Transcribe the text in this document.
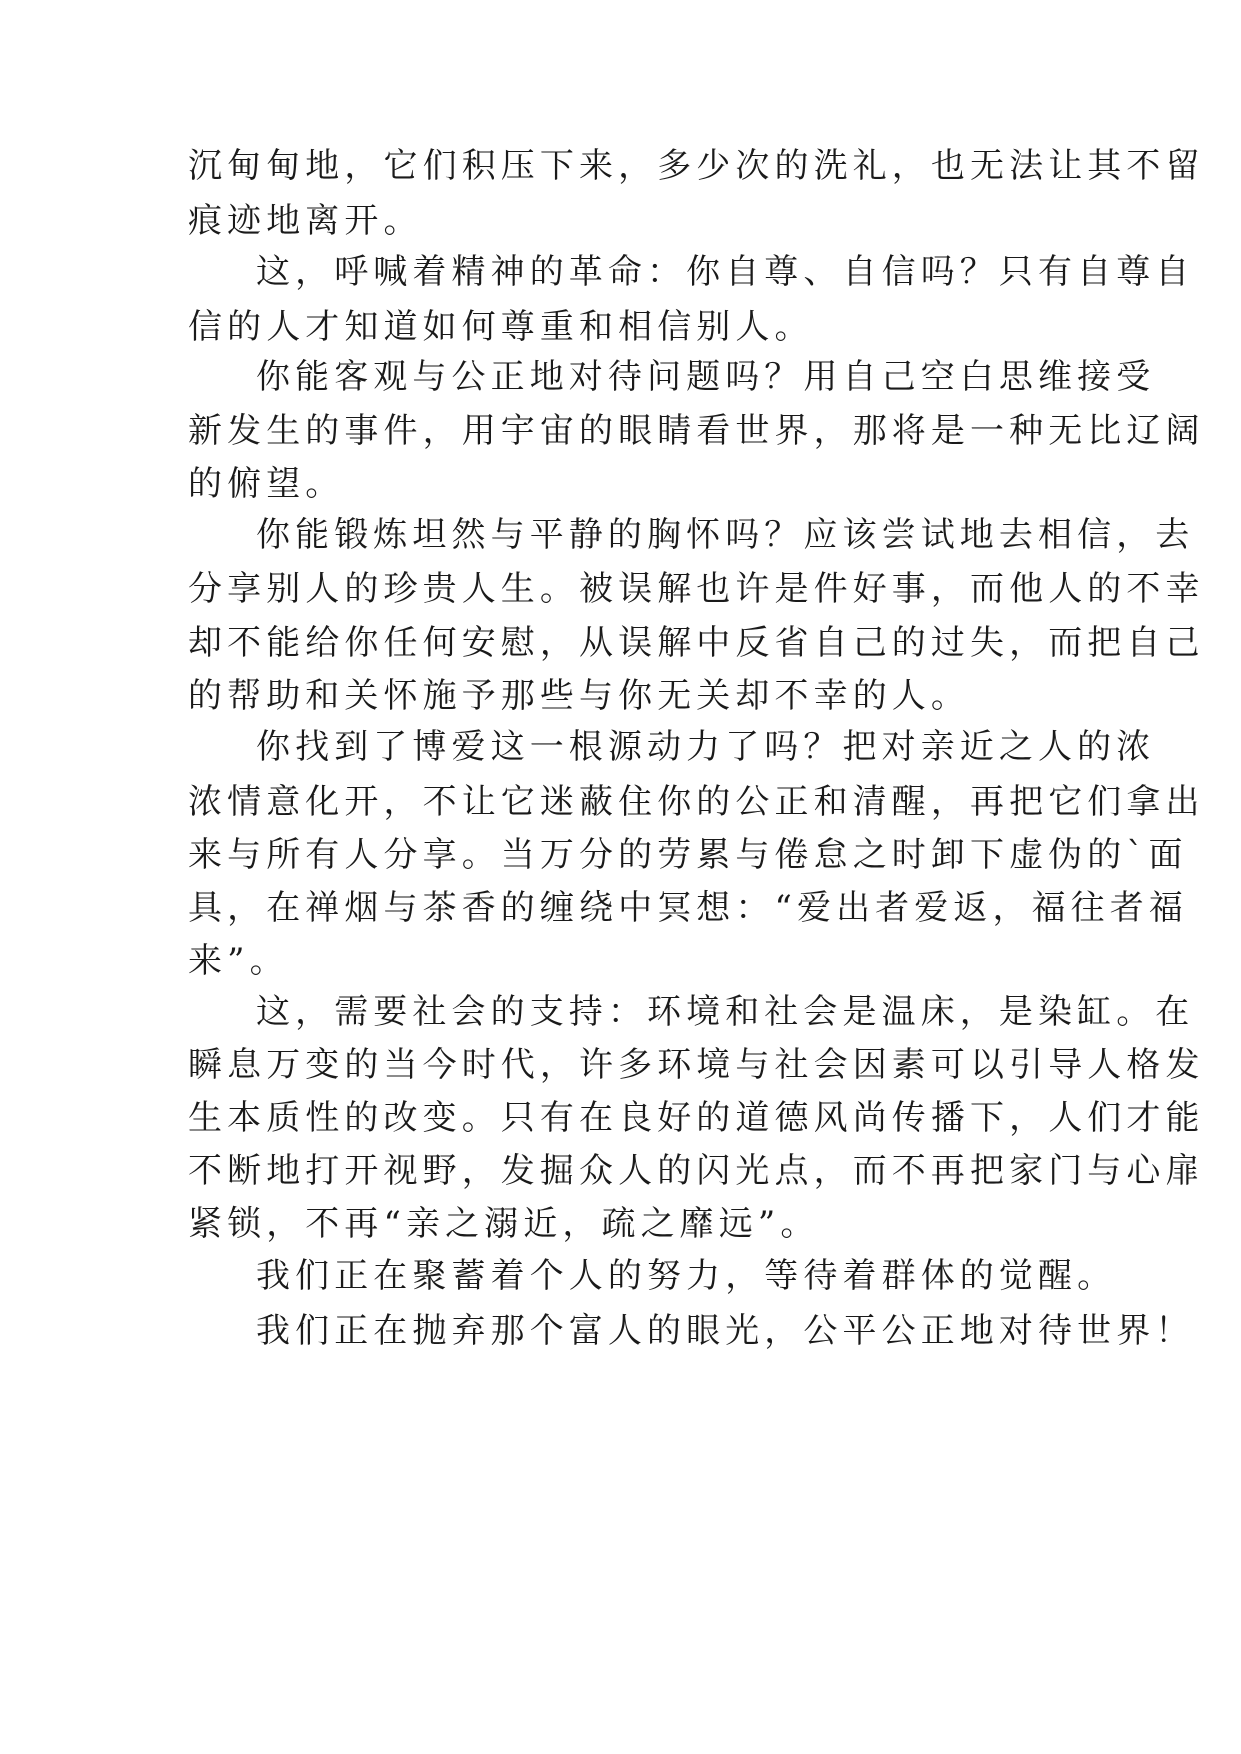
沉甸甸地，它们积压下来，多少次的洗礼，也无法让其不留

痕迹地离开。

这，呼喊着精神的革命：你自尊、自信吗？只有自尊自

信的人才知道如何尊重和相信别人。

你能客观与公正地对待问题吗？用自己空白思维接受

新发生的事件，用宇宙的眼睛看世界，那将是一种无比辽阔

的俯望。

你能锻炼坦然与平静的胸怀吗？应该尝试地去相信，去

分享别人的珍贵人生。被误解也许是件好事，而他人的不幸

却不能给你任何安慰，从误解中反省自己的过失，而把自己

的帮助和关怀施予那些与你无关却不幸的人。

你找到了博爱这一根源动力了吗？把对亲近之人的浓

浓情意化开，不让它迷蔽住你的公正和清醒，再把它们拿出

来与所有人分享。当万分的劳累与倦怠之时卸下虚伪的`面

具，在禅烟与茶香的缠绕中冥想：“爱出者爱返，福往者福

来”。

这，需要社会的支持：环境和社会是温床，是染缸。在

瞬息万变的当今时代，许多环境与社会因素可以引导人格发

生本质性的改变。只有在良好的道德风尚传播下，人们才能

不断地打开视野，发掘众人的闪光点，而不再把家门与心扉

紧锁，不再“亲之溺近，疏之靡远”。

我们正在聚蓄着个人的努力，等待着群体的觉醒。

我们正在抛弃那个富人的眼光，公平公正地对待世界！
